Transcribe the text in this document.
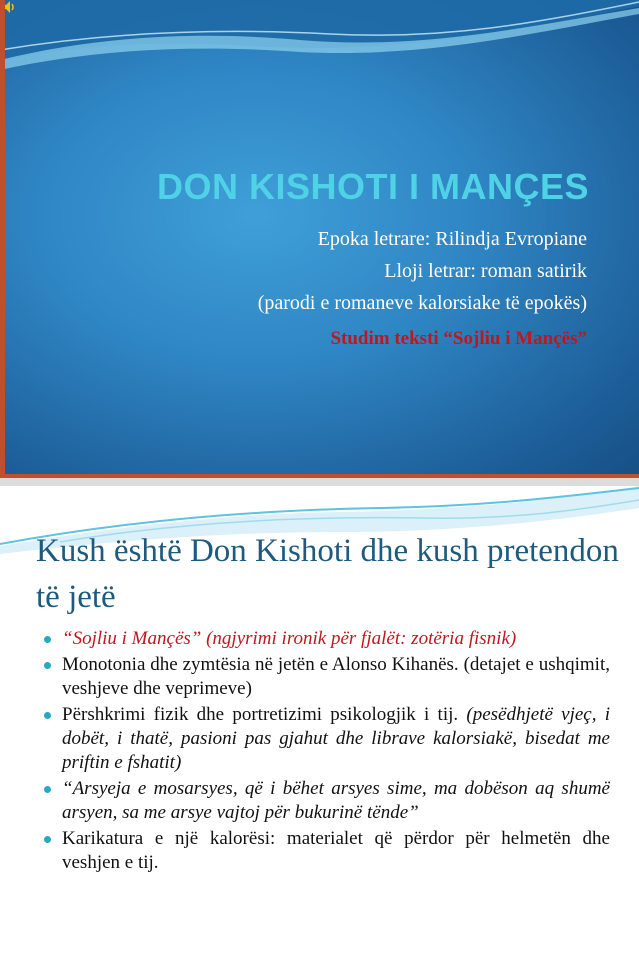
DON KISHOTI I MANÇES
Epoka letrare: Rilindja Evropiane
Lloji letrar: roman satirik
(parodi e romaneve kalorsiake të epokës)
Studim teksti “Sojliu i Mançës”
Kush është Don Kishoti dhe kush pretendon të jetë
“Sojliu i Mançës” (ngjyrimi ironik për fjalët: zotëria fisnik)
Monotonia dhe zymtësia në jetën e Alonso Kihanës. (detajet e ushqimit, veshjeve dhe veprimeve)
Përshkrimi fizik dhe portretizimi psikologjik i tij. (pesëdhjetë vjeç, i dobët, i thatë, pasioni pas gjahut dhe librave kalorsiakë, bisedat me priftin e fshatit)
“Arsyeja e mosarsyes, që i bëhet arsyes sime, ma dobëson aq shumë arsyen, sa me arsye vajtoj për bukurinë tënde”
Karikatura e një kalorësi: materialet që përdor për helmetën dhe veshjen e tij.
